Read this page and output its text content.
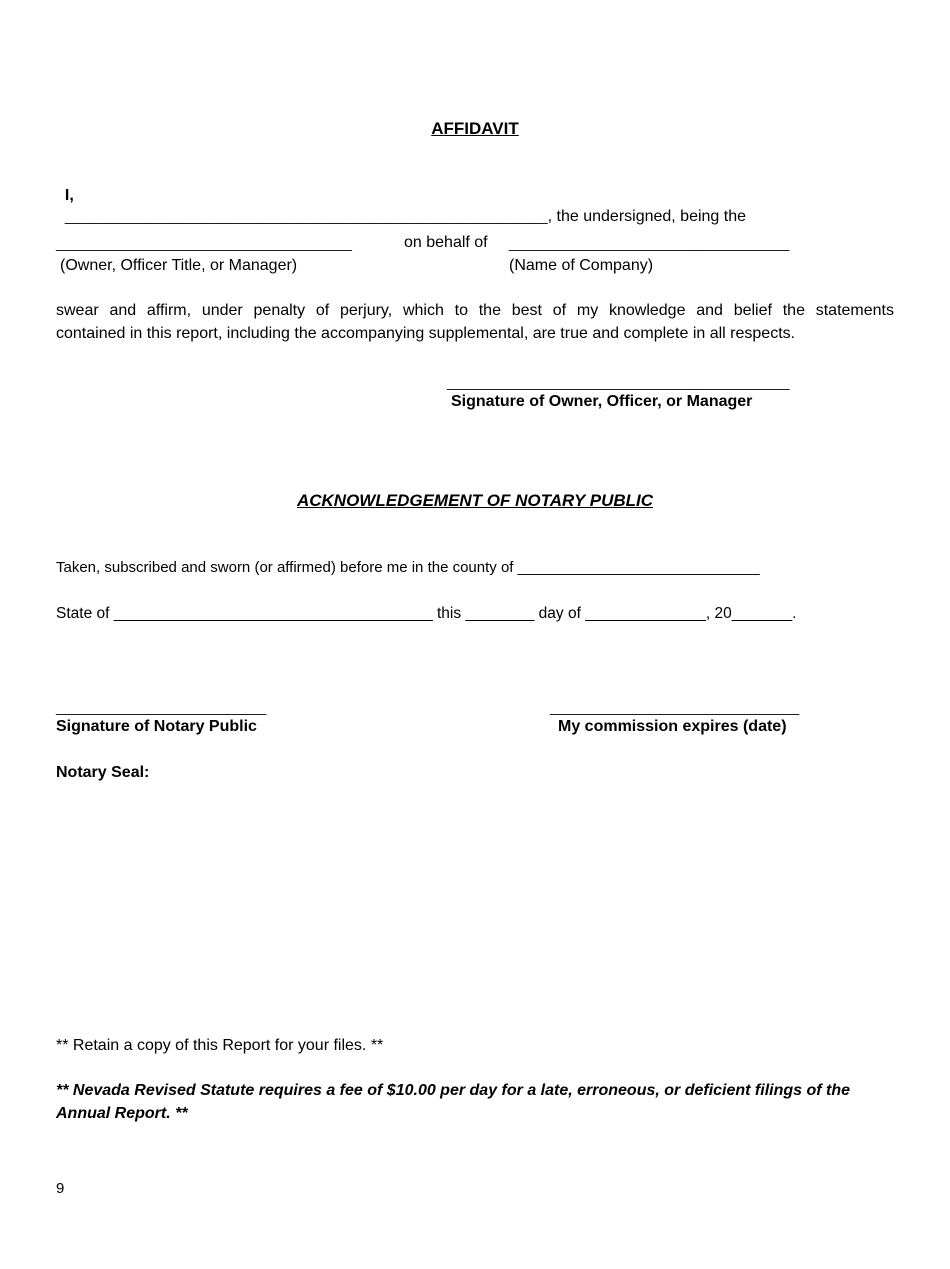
AFFIDAVIT

I,
______________________________________________________________, the undersigned, being the

______________________________________	on behalf of ____________________________________
(Owner, Officer Title, or Manager)	(Name of Company)
swear and affirm, under penalty of perjury, which to the best of my knowledge and belief the statements
contained in this report, including the accompanying supplemental, are true and complete in all respects.
____________________________________________
Signature of Owner, Officer, or Manager
ACKNOWLEDGEMENT OF NOTARY PUBLIC
Taken, subscribed and sworn (or affirmed) before me in the county of _____________________________
State of _____________________________________ this ________ day of ______________, 20_______.
___________________________	________________________________
Signature of Notary Public	My commission expires (date)
Notary Seal:
** Retain a copy of this Report for your files. **
** Nevada Revised Statute requires a fee of $10.00 per day for a late, erroneous, or deficient filings of the
Annual Report. **
9
